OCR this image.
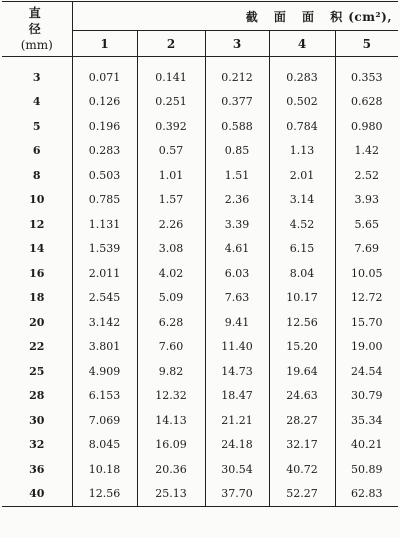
直　径
(mm)	截 面 面 积(cm²),				
	1	2	3	4	5

3	0.071	0.141	0.212	0.283	0.353
4	0.126	0.251	0.377	0.502	0.628
5	0.196	0.392	0.588	0.784	0.980
6	0.283	0.57	0.85	1.13	1.42
8	0.503	1.01	1.51	2.01	2.52
10	0.785	1.57	2.36	3.14	3.93
12	1.131	2.26	3.39	4.52	5.65
14	1.539	3.08	4.61	6.15	7.69
16	2.011	4.02	6.03	8.04	10.05
18	2.545	5.09	7.63	10.17	12.72
20	3.142	6.28	9.41	12.56	15.70
22	3.801	7.60	11.40	15.20	19.00
25	4.909	9.82	14.73	19.64	24.54
28	6.153	12.32	18.47	24.63	30.79
30	7.069	14.13	21.21	28.27	35.34
32	8.045	16.09	24.18	32.17	40.21
36	10.18	20.36	30.54	40.72	50.89
40	12.56	25.13	37.70	52.27	62.83
